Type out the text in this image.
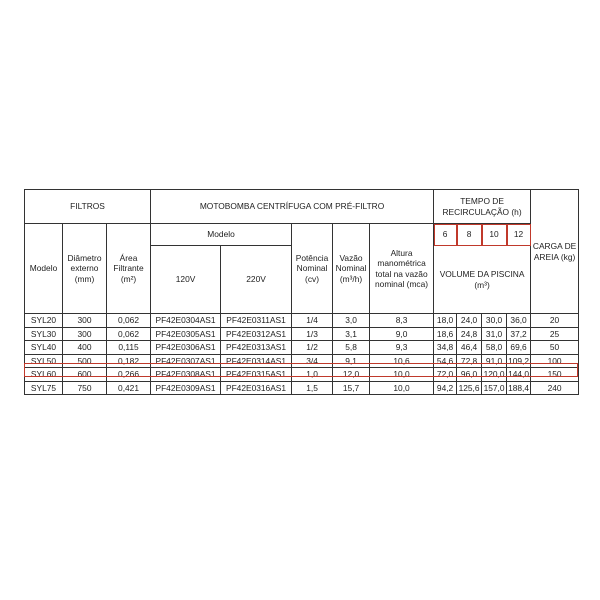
FILTROS			MOTOBOMBA CENTRÍFUGA COM PRÉ-FILTRO					TEMPO DE RECIRCULAÇÃO (h)				CARGA DE AREIA (kg)
Modelo	Diâmetro externo (mm)	Área Filtrante (m²)	Modelo		Potência Nominal (cv)	Vazão Nominal (m³/h)	Altura manométrica total na vazão nominal (mca)	6	8	10	12	
			120V	220V				VOLUME DA PISCINA (m³)				
SYL20	300	0,062	PF42E0304AS1	PF42E0311AS1	1/4	3,0	8,3	18,0	24,0	30,0	36,0	20
SYL30	300	0,062	PF42E0305AS1	PF42E0312AS1	1/3	3,1	9,0	18,6	24,8	31,0	37,2	25
SYL40	400	0,115	PF42E0306AS1	PF42E0313AS1	1/2	5,8	9,3	34,8	46,4	58,0	69,6	50
SYL50	500	0,182	PF42E0307AS1	PF42E0314AS1	3/4	9,1	10,6	54,6	72,8	91,0	109,2	100
SYL60	600	0,266	PF42E0308AS1	PF42E0315AS1	1,0	12,0	10,0	72,0	96,0	120,0	144,0	150
SYL75	750	0,421	PF42E0309AS1	PF42E0316AS1	1,5	15,7	10,0	94,2	125,6	157,0	188,4	240
